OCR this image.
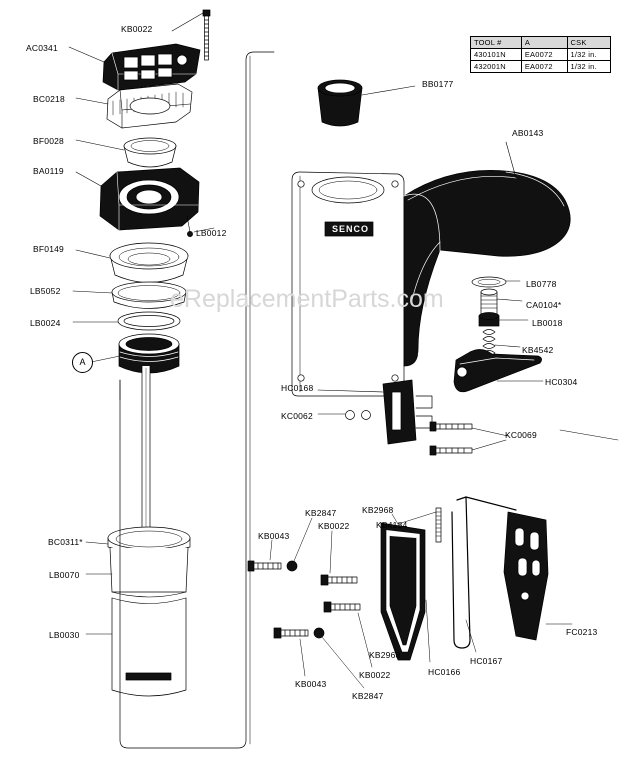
SENCO
eReplacementParts.com
A
TOOL #	A	CSK
430101N	EA0072	1/32 in.
432001N	EA0072	1/32 in.
KB0022
AC0341
BC0218
BF0028
BA0119
LB0012
BF0149
LB5052
LB0024
BC0311*
LB0070
LB0030
BB0177
AB0143
LB0778
CA0104*
LB0018
KB4542
HC0304
HC0168
KC0062
KC0069
KB2847	KB2968
KB0043
KB0022	KB4184
FC0213
KB2968
HC0166
HC0167
KB0022
KB0043
KB2847
